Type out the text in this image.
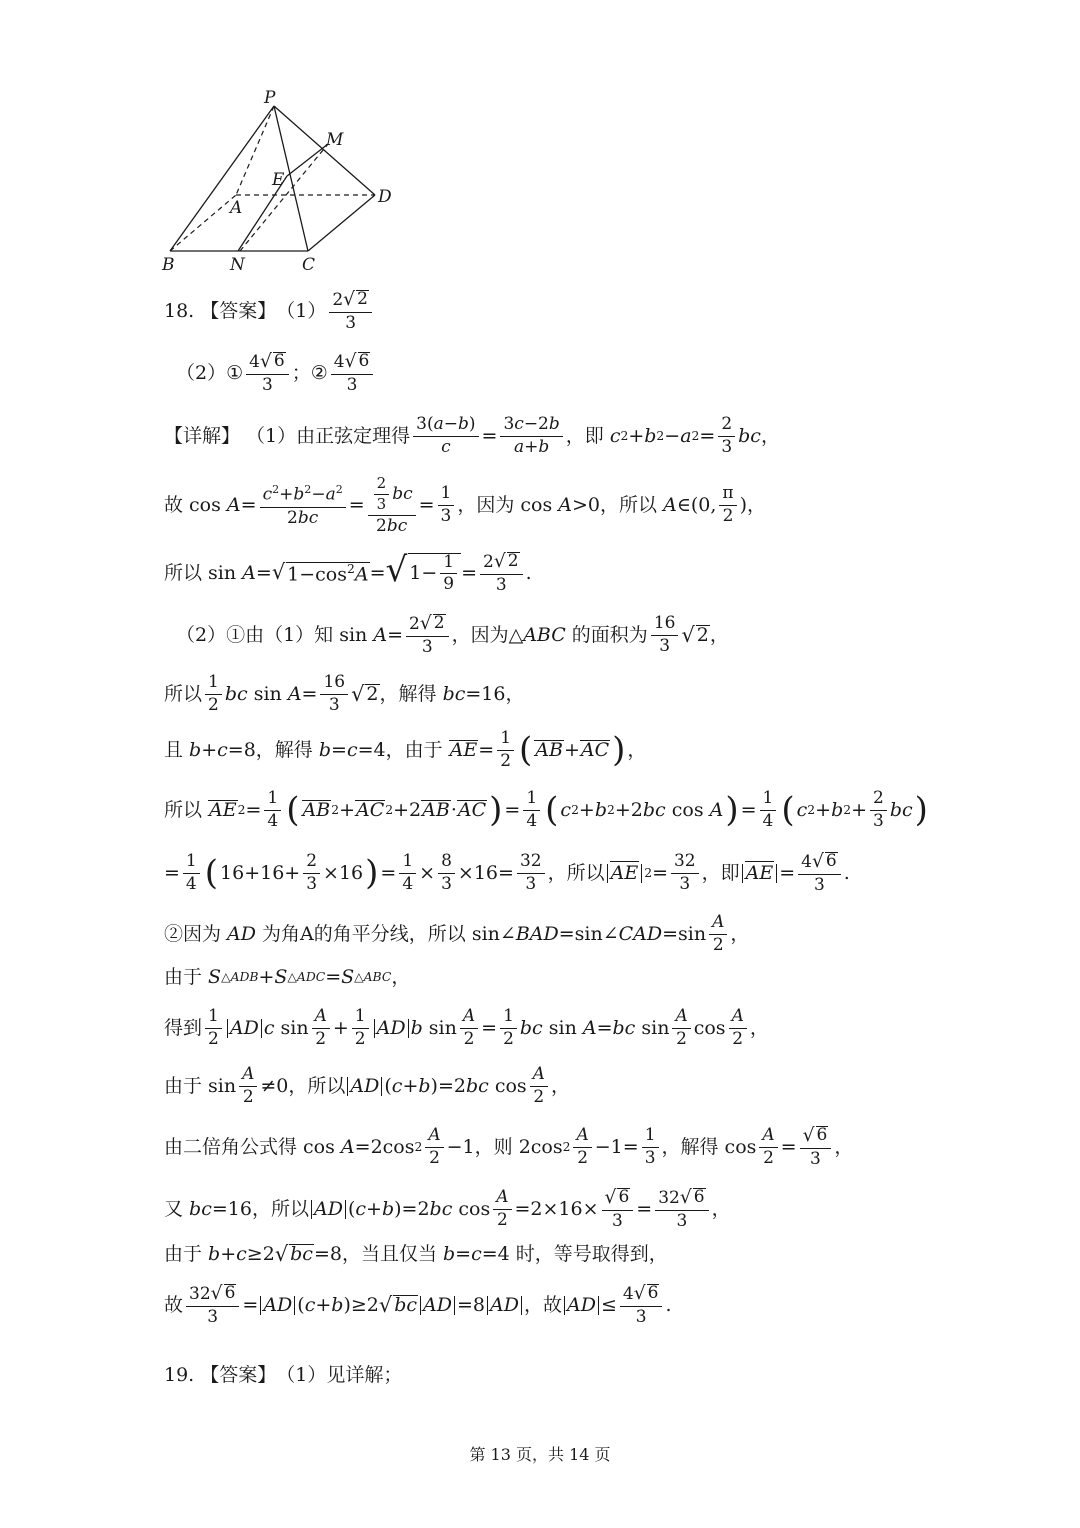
P
M
E
A
D
B	N	C
18. 【答案】 $(1) \frac{2 √ 2}{3}$
（2） ① $\frac{4 √ 6}{3}$ ； ② $\frac{4 √ 6}{3}$
【详解】 （1）由正弦定理得 $\frac{3(a-b)}{c} = \frac{3c-2b}{a+b}$ ，即 c 2 + b 2 − a $2 = \frac{2}{3}$ bc ，
故 $\cos A = \frac{c^2+b^2-a^2}{2bc} = \frac{\frac{2}{3} bc}{2bc} = \frac{1}{3}$ ，因为 cos A >0，所以 A ∈(0, $\frac{\pi}{2}$ )，
所以 sin A = √ $1-\cos^2A$ = √ $1- \frac{1}{9} = \frac{2 √ 2}{3}$ .
（2）①由（1）知 $\sin A = \frac{2 √ 2}{3}$ ，因为△ ABC 的面积为 $\frac{16}{3}$ √ 2 ，
所以 $\frac{1}{2}$ bc $\sin A = \frac{16}{3}$ √ 2 ，解得 bc =16，
且 b + c =8，解得 b = c =4，由于 AE = $\frac{1}{2}$ ( AB + AC ) ，
所以 AE $2 = \frac{1}{4}$ ( AB 2 + AC 2 +2 AB · AC ) = $\frac{1}{4}$ ( c 2 + b 2 +2 bc cos A ) = $\frac{1}{4}$ ( c 2 + b $2 + \frac{2}{3}$ bc )
= $\frac{1}{4}$ ( $16+16+ \frac{2}{3} \times 16$ ) = $\frac{1}{4} \times \frac{8}{3} \times 16= \frac{32}{3}$ ，所以 AE $2 = \frac{32}{3}$ ，即 AE = $\frac{4 √ 6}{3}$ .
②因为 AD 为角A的角平分线，所以 sin∠ BAD =sin∠ CAD $=\sin \frac{A}{2}$ ，
由于 S △ADB + S △ADC = S △ABC ，
得到 $\frac{1}{2}$ AD c $\sin \frac{A}{2} + \frac{1}{2}$ AD b $\sin \frac{A}{2} = \frac{1}{2}$ bc sin A = bc $\sin \frac{A}{2}$ $\cos \frac{A}{2}$ ，
由于 $\sin \frac{A}{2} \ne 0$，所以 AD ( c + b )=2 bc $\cos \frac{A}{2}$ ，
由二倍角公式得 cos A =2cos $2 \frac{A}{2} -1$，则 2cos $2 \frac{A}{2} -1= \frac{1}{3}$ ，解得 $\cos \frac{A}{2} = \frac{√ 6}{3}$ ，
又 bc =16，所以 AD ( c + b )=2 bc $\cos \frac{A}{2} =2\times 16\times \frac{√ 6}{3} = \frac{32 √ 6}{3}$ ，
由于 b + c ≥2 √ bc =8，当且仅当 b = c =4 时，等号取得到，
故 $\frac{32 √ 6}{3}$ = AD ( c + b )≥2 √ bc AD =8 AD ，故 AD ≤ $\frac{4 √ 6}{3}$ .
19. 【答案】 （1）见详解；
第 13 页，共 14 页
